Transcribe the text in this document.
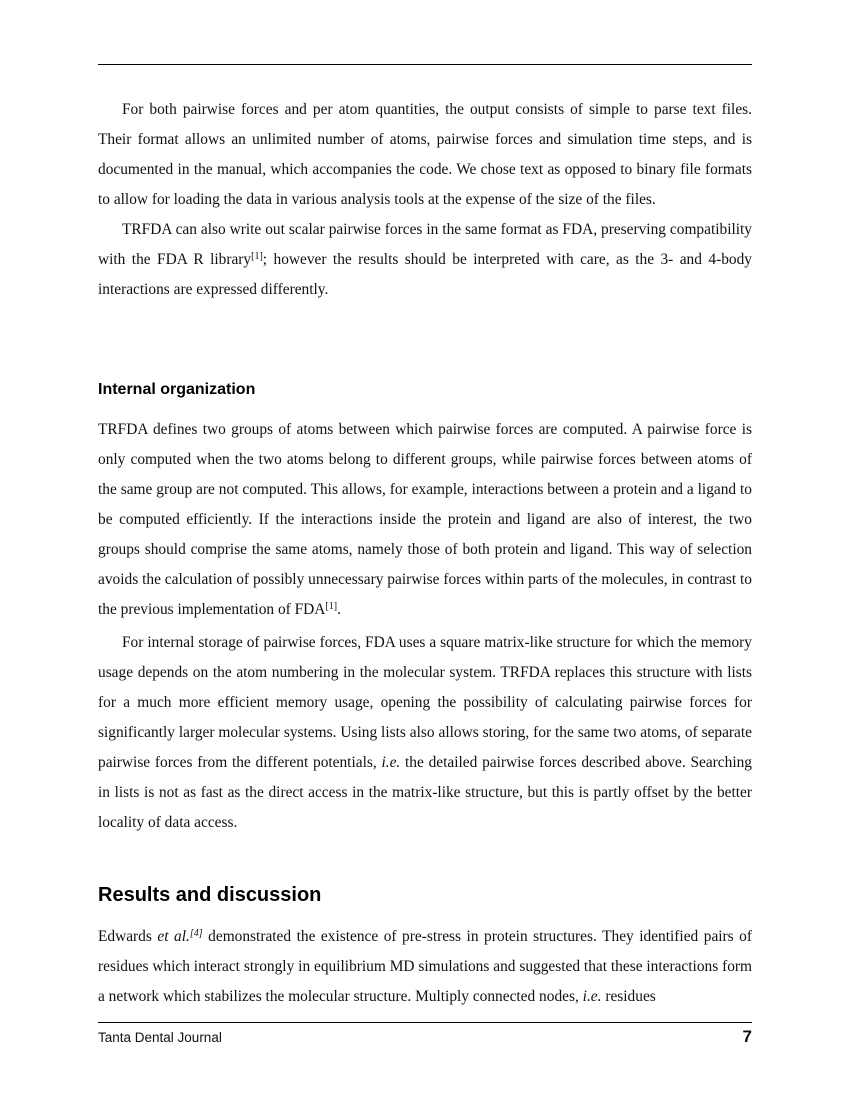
For both pairwise forces and per atom quantities, the output consists of simple to parse text files. Their format allows an unlimited number of atoms, pairwise forces and simulation time steps, and is documented in the manual, which accompanies the code. We chose text as opposed to binary file formats to allow for loading the data in various analysis tools at the expense of the size of the files.

TRFDA can also write out scalar pairwise forces in the same format as FDA, preserving compatibility with the FDA R library[1]; however the results should be interpreted with care, as the 3- and 4-body interactions are expressed differently.

Internal organization

TRFDA defines two groups of atoms between which pairwise forces are computed. A pairwise force is only computed when the two atoms belong to different groups, while pairwise forces between atoms of the same group are not computed. This allows, for example, interactions between a protein and a ligand to be computed efficiently. If the interactions inside the protein and ligand are also of interest, the two groups should comprise the same atoms, namely those of both protein and ligand. This way of selection avoids the calculation of possibly unnecessary pairwise forces within parts of the molecules, in contrast to the previous implementation of FDA[1].

For internal storage of pairwise forces, FDA uses a square matrix-like structure for which the memory usage depends on the atom numbering in the molecular system. TRFDA replaces this structure with lists for a much more efficient memory usage, opening the possibility of calculating pairwise forces for significantly larger molecular systems. Using lists also allows storing, for the same two atoms, of separate pairwise forces from the different potentials, i.e. the detailed pairwise forces described above. Searching in lists is not as fast as the direct access in the matrix-like structure, but this is partly offset by the better locality of data access.

Results and discussion

Edwards et al.[4] demonstrated the existence of pre-stress in protein structures. They identified pairs of residues which interact strongly in equilibrium MD simulations and suggested that these interactions form a network which stabilizes the molecular structure. Multiply connected nodes, i.e. residues

Tanta Dental Journal	7
